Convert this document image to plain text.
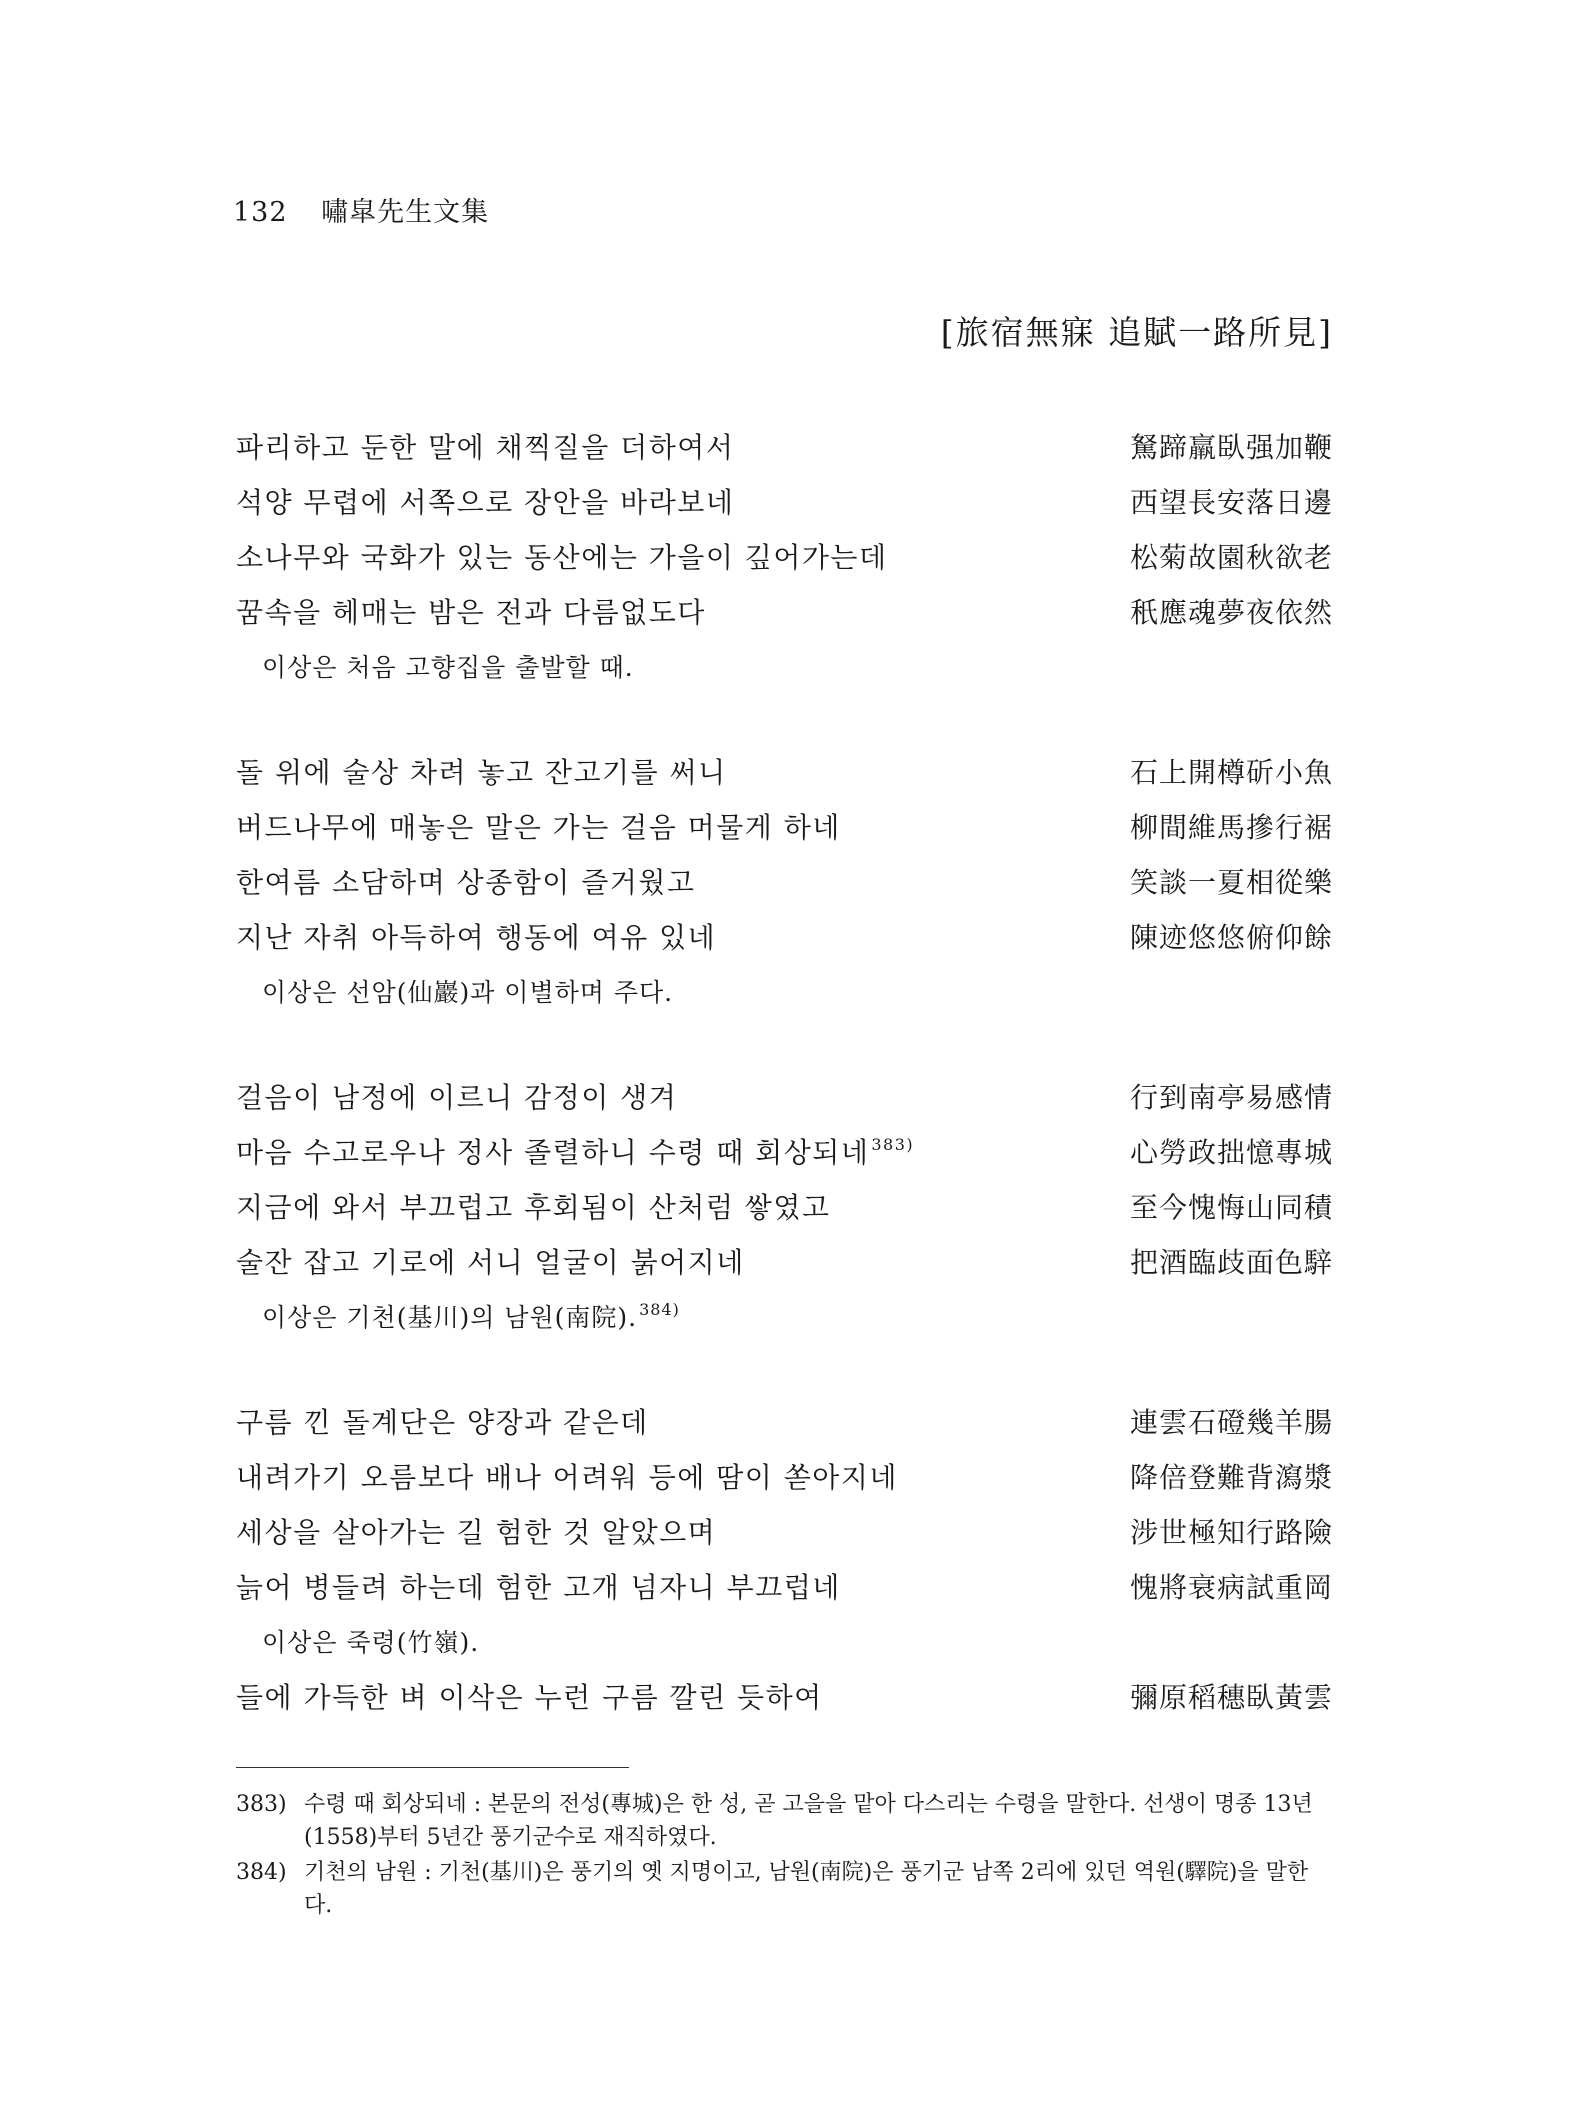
132 嘯皐先生文集
[旅宿無寐 追賦一路所見]
파리하고 둔한 말에 채찍질을 더하여서	駑蹄羸臥强加鞭
석양 무렵에 서쪽으로 장안을 바라보네	西望長安落日邊
소나무와 국화가 있는 동산에는 가을이 깊어가는데	松菊故園秋欲老
꿈속을 헤매는 밤은 전과 다름없도다	秖應魂夢夜依然
이상은 처음 고향집을 출발할 때.
돌 위에 술상 차려 놓고 잔고기를 써니	石上開樽斫小魚
버드나무에 매놓은 말은 가는 걸음 머물게 하네	柳間維馬摻行裾
한여름 소담하며 상종함이 즐거웠고	笑談一夏相從樂
지난 자취 아득하여 행동에 여유 있네	陳迹悠悠俯仰餘
이상은 선암(仙巖)과 이별하며 주다.
걸음이 남정에 이르니 감정이 생겨	行到南亭易感情
마음 수고로우나 정사 졸렬하니 수령 때 회상되네 $^{383)}$	心勞政拙憶專城
지금에 와서 부끄럽고 후회됨이 산처럼 쌓였고	至今愧悔山同積
술잔 잡고 기로에 서니 얼굴이 붉어지네	把酒臨歧面色騂
이상은 기천(基川)의 남원(南院). $^{384)}$
구름 낀 돌계단은 양장과 같은데	連雲石磴幾羊腸
내려가기 오름보다 배나 어려워 등에 땀이 쏟아지네	降倍登難背瀉漿
세상을 살아가는 길 험한 것 알았으며	涉世極知行路險
늙어 병들려 하는데 험한 고개 넘자니 부끄럽네	愧將衰病試重岡
이상은 죽령(竹嶺).
들에 가득한 벼 이삭은 누런 구름 깔린 듯하여	彌原稻穗臥黃雲
383) 수령 때 회상되네 : 본문의 전성(專城)은 한 성, 곧 고을을 맡아 다스리는 수령을 말한다. 선생이 명종 13년(1558)부터 5년간 풍기군수로 재직하였다.
384) 기천의 남원 : 기천(基川)은 풍기의 옛 지명이고, 남원(南院)은 풍기군 남쪽 2리에 있던 역원(驛院)을 말한다.
